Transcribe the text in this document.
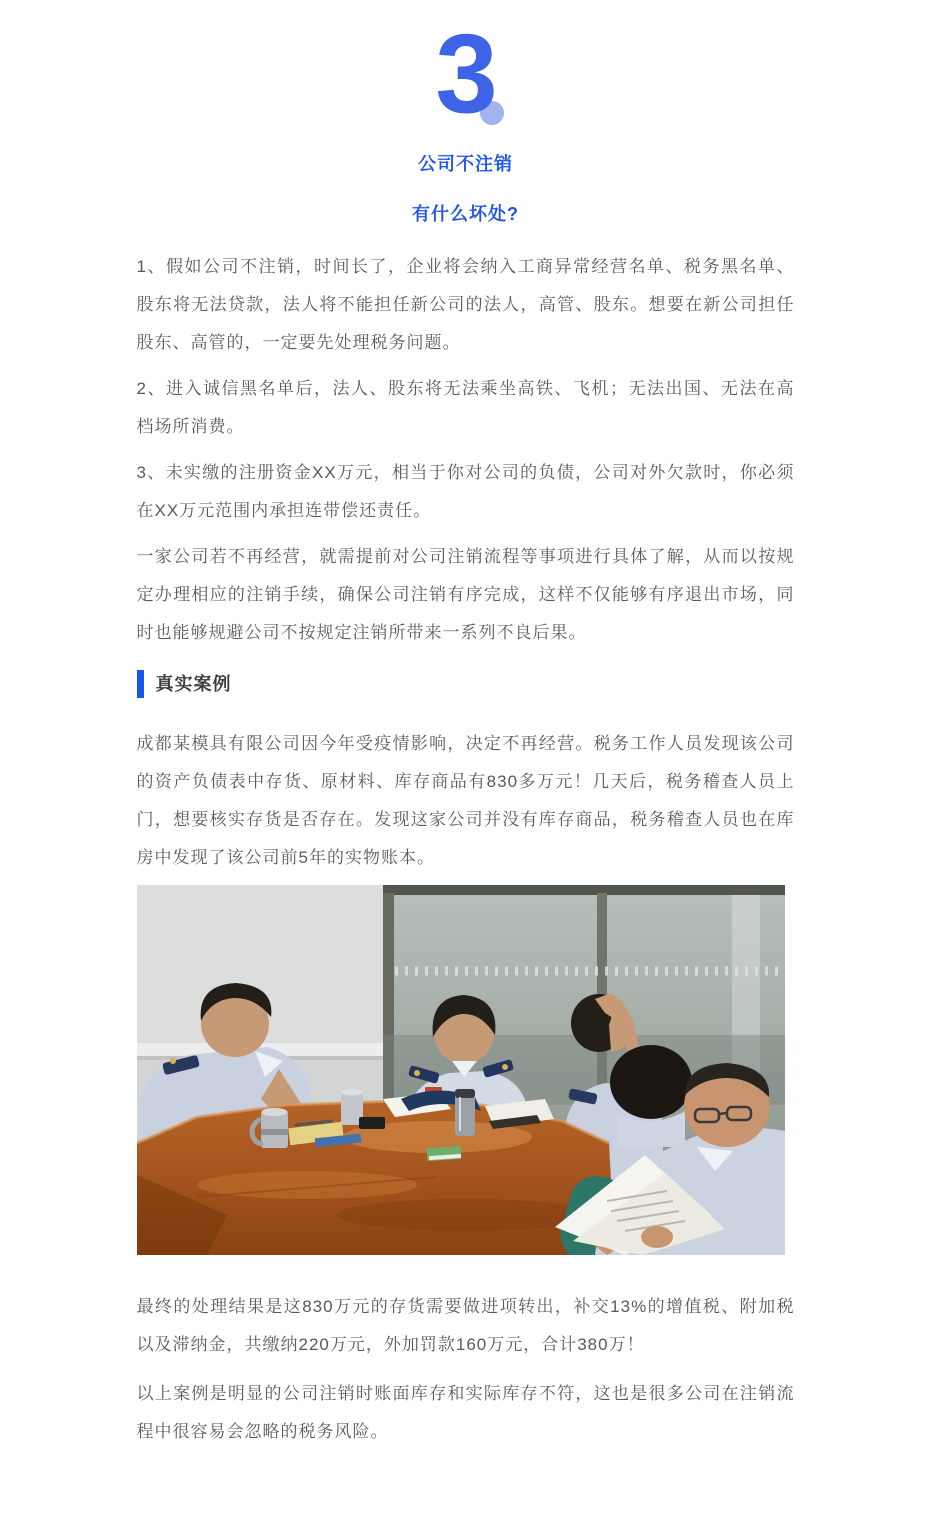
3
公司不注销
有什么坏处?

1、假如公司不注销，时间长了，企业将会纳入工商异常经营名单、税务黑名单、股东将无法贷款，法人将不能担任新公司的法人，高管、股东。想要在新公司担任股东、高管的，一定要先处理税务问题。

2、进入诚信黑名单后，法人、股东将无法乘坐高铁、飞机；无法出国、无法在高档场所消费。

3、未实缴的注册资金XX万元，相当于你对公司的负债，公司对外欠款时，你必须在XX万元范围内承担连带偿还责任。

一家公司若不再经营，就需提前对公司注销流程等事项进行具体了解，从而以按规定办理相应的注销手续，确保公司注销有序完成，这样不仅能够有序退出市场，同时也能够规避公司不按规定注销所带来一系列不良后果。

真实案例

成都某模具有限公司因今年受疫情影响，决定不再经营。税务工作人员发现该公司的资产负债表中存货、原材料、库存商品有830多万元！几天后，税务稽查人员上门，想要核实存货是否存在。发现这家公司并没有库存商品，税务稽查人员也在库房中发现了该公司前5年的实物账本。

最终的处理结果是这830万元的存货需要做进项转出，补交13%的增值税、附加税以及滞纳金，共缴纳220万元，外加罚款160万元，合计380万！

以上案例是明显的公司注销时账面库存和实际库存不符，这也是很多公司在注销流程中很容易会忽略的税务风险。
